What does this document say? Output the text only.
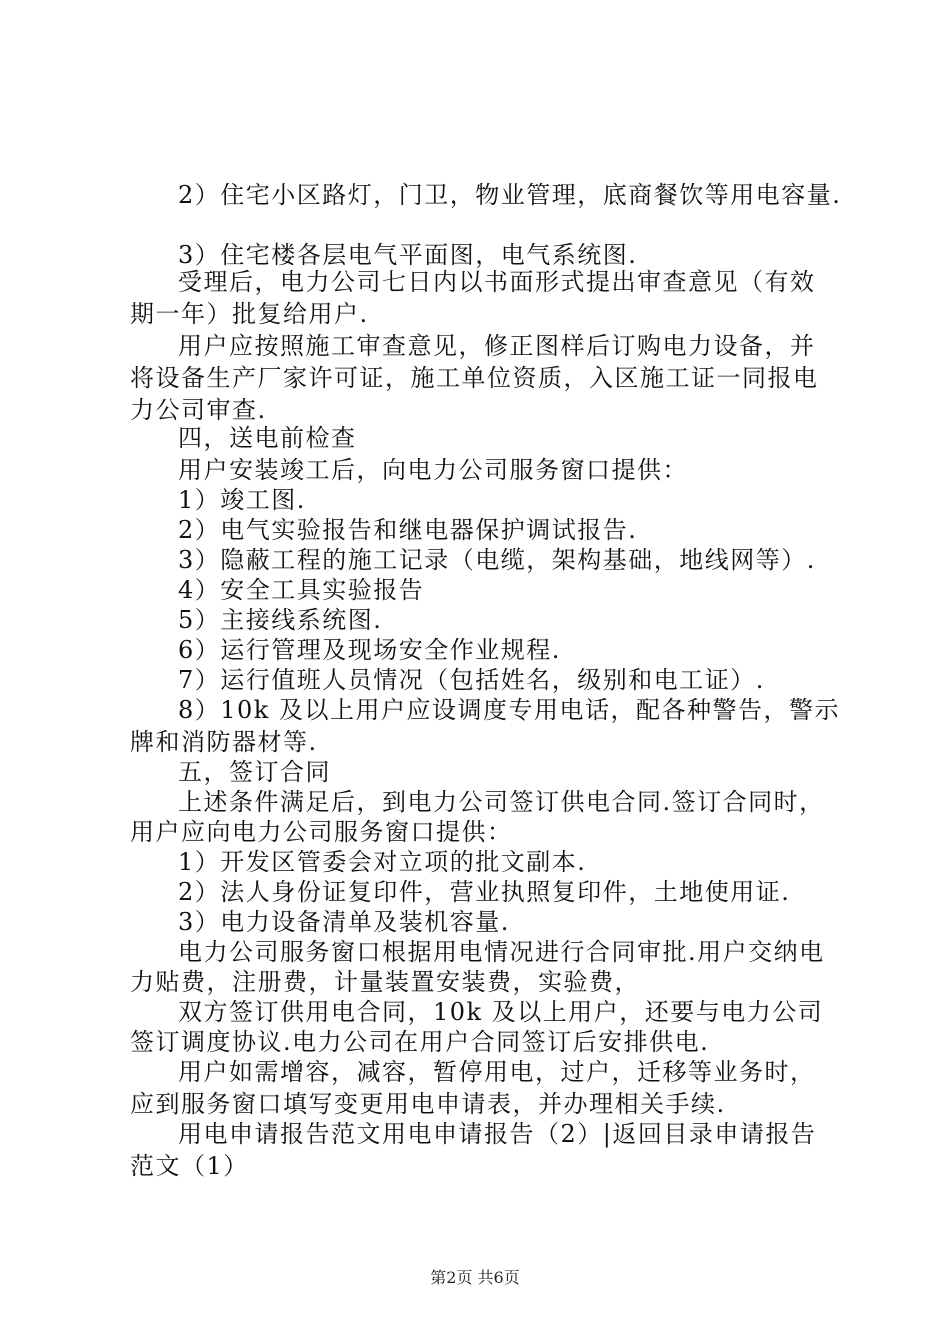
2）住宅小区路灯，门卫，物业管理，底商餐饮等用电容量.
3）住宅楼各层电气平面图，电气系统图.
受理后，电力公司七日内以书面形式提出审查意见（有效
期一年）批复给用户.
用户应按照施工审查意见，修正图样后订购电力设备，并
将设备生产厂家许可证，施工单位资质，入区施工证一同报电
力公司审查.
四，送电前检查
用户安装竣工后，向电力公司服务窗口提供：
1）竣工图.
2）电气实验报告和继电器保护调试报告.
3）隐蔽工程的施工记录（电缆，架构基础，地线网等）.
4）安全工具实验报告
5）主接线系统图.
6）运行管理及现场安全作业规程.
7）运行值班人员情况（包括姓名，级别和电工证）.
8）10k 及以上用户应设调度专用电话，配各种警告，警示
牌和消防器材等.
五，签订合同
上述条件满足后，到电力公司签订供电合同.签订合同时，
用户应向电力公司服务窗口提供：
1）开发区管委会对立项的批文副本.
2）法人身份证复印件，营业执照复印件，土地使用证.
3）电力设备清单及装机容量.
电力公司服务窗口根据用电情况进行合同审批.用户交纳电
力贴费，注册费，计量装置安装费，实验费，
双方签订供用电合同，10k 及以上用户，还要与电力公司
签订调度协议.电力公司在用户合同签订后安排供电.
用户如需增容，减容，暂停用电，过户，迁移等业务时，
应到服务窗口填写变更用电申请表，并办理相关手续.
用电申请报告范文用电申请报告（2）|返回目录申请报告
范文（1）
第2页 共6页
